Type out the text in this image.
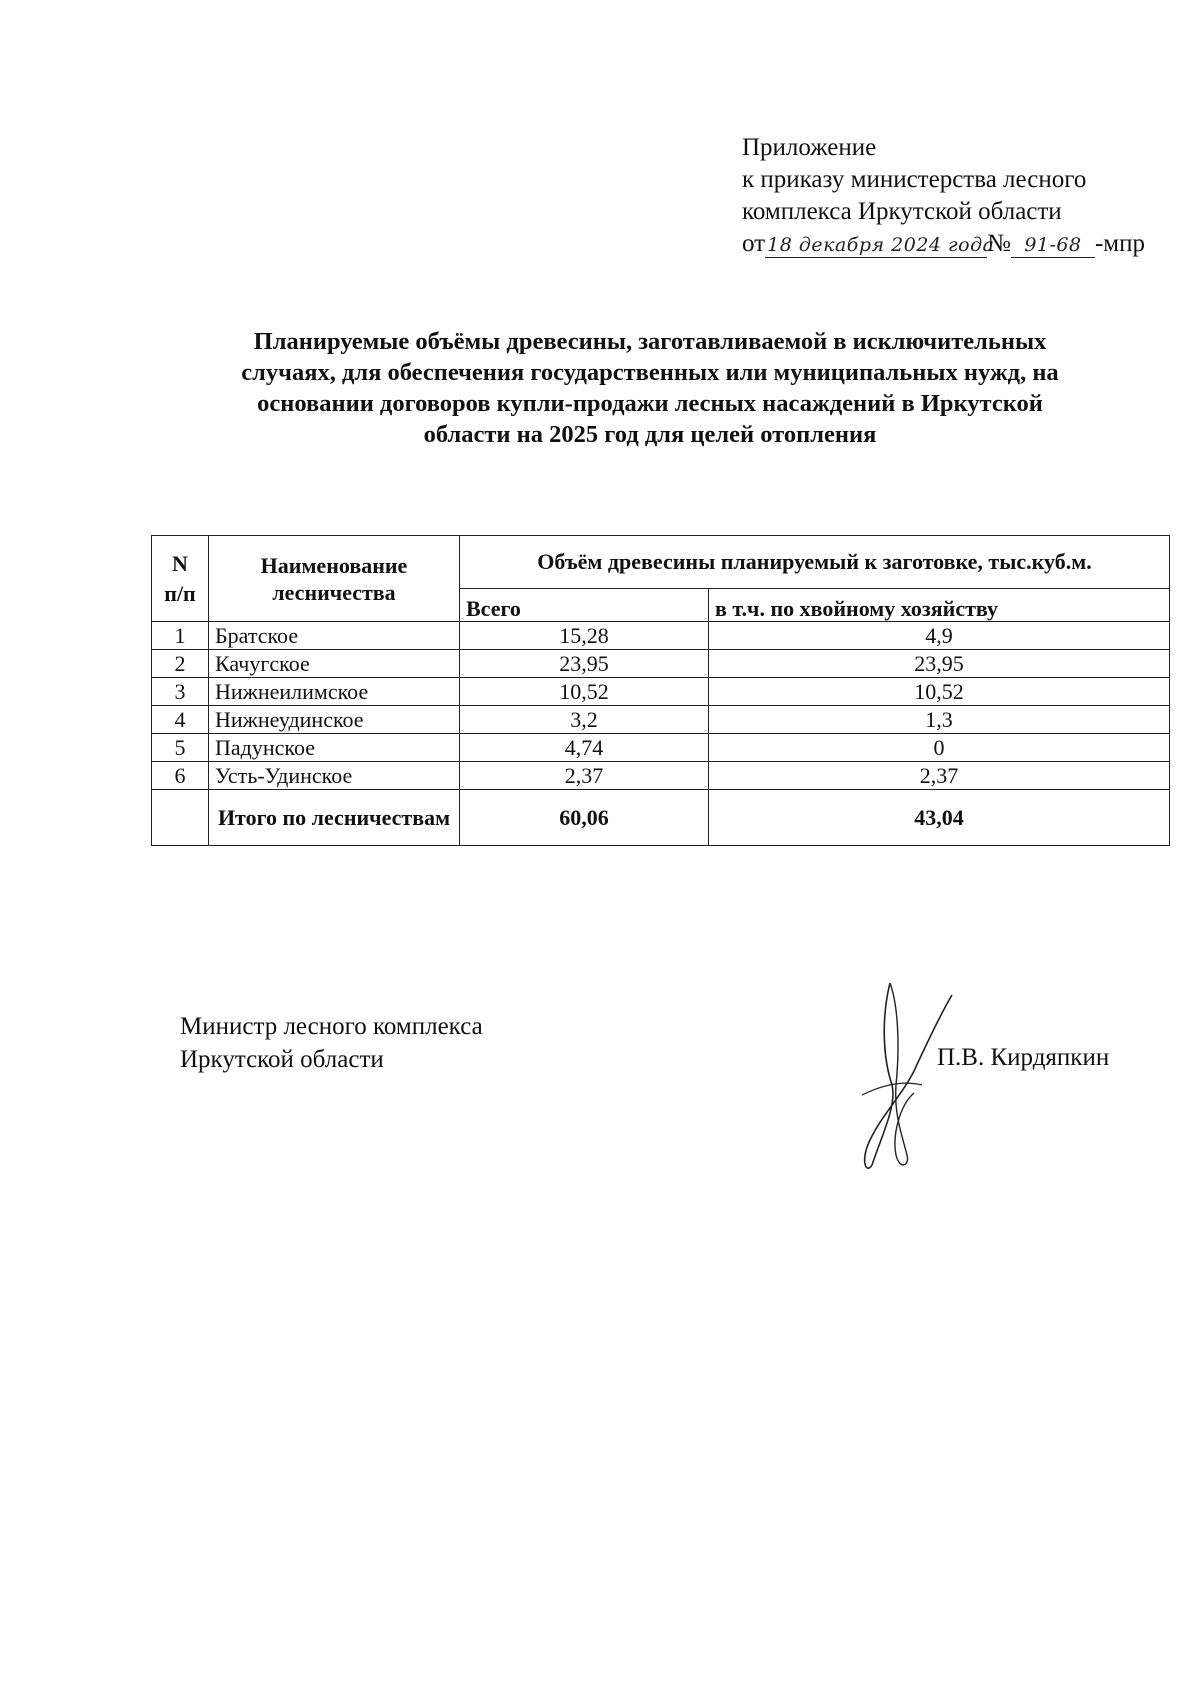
Приложение
к приказу министерства лесного
комплекса Иркутской области
от 18 декабря 2024 года№ 91-68 -мпр
Планируемые объёмы древесины, заготавливаемой в исключительных
случаях, для обеспечения государственных или муниципальных нужд, на
основании договоров купли-продажи лесных насаждений в Иркутской
области на 2025 год для целей отопления
N
п/п	Наименование лесничества	Объём древесины планируемый к заготовке, тыс.куб.м.	
		Всего	в т.ч. по хвойному хозяйству
1	Братское	15,28	4,9
2	Качугское	23,95	23,95
3	Нижнеилимское	10,52	10,52
4	Нижнеудинское	3,2	1,3
5	Падунское	4,74	0
6	Усть-Удинское	2,37	2,37
	Итого по лесничествам	60,06	43,04
Министр лесного комплекса
Иркутской области	П.В. Кирдяпкин
